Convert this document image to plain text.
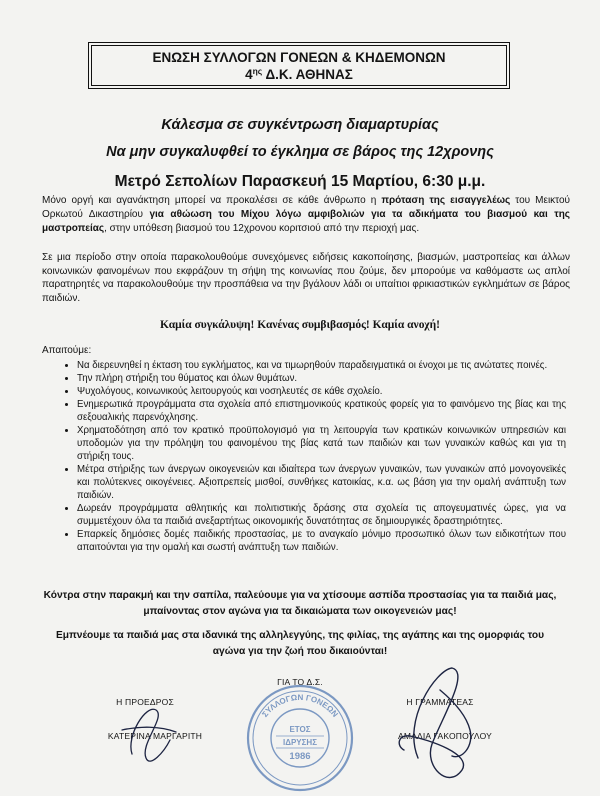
ΕΝΩΣΗ ΣΥΛΛΟΓΩΝ ΓΟΝΕΩΝ & ΚΗΔΕΜΟΝΩΝ
$4^{\eta\varsigma}$ Δ.Κ. ΑΘΗΝΑΣ
Κάλεσμα σε συγκέντρωση διαμαρτυρίας
Να μην συγκαλυφθεί το έγκλημα σε βάρος της 12χρονης
Μετρό Σεπολίων Παρασκευή 15 Μαρτίου, 6:30 μ.μ.
Μόνο οργή και αγανάκτηση μπορεί να προκαλέσει σε κάθε άνθρωπο η πρόταση της εισαγγελέως του Μεικτού Ορκωτού Δικαστηρίου για αθώωση του Μίχου λόγω αμφιβολιών για τα αδικήματα του βιασμού και της μαστροπείας, στην υπόθεση βιασμού του 12χρονου κοριτσιού από την περιοχή μας.
Σε μια περίοδο στην οποία παρακολουθούμε συνεχόμενες ειδήσεις κακοποίησης, βιασμών, μαστροπείας και άλλων κοινωνικών φαινομένων που εκφράζουν τη σήψη της κοινωνίας που ζούμε, δεν μπορούμε να καθόμαστε ως απλοί παρατηρητές να παρακολουθούμε την προσπάθεια να την βγάλουν λάδι οι υπαίτιοι φρικιαστικών εγκλημάτων σε βάρος παιδιών.
Καμία συγκάλυψη! Κανένας συμβιβασμός! Καμία ανοχή!
Απαιτούμε:
• Να διερευνηθεί η έκταση του εγκλήματος, και να τιμωρηθούν παραδειγματικά οι ένοχοι με τις ανώτατες ποινές.
• Την πλήρη στήριξη του θύματος και όλων θυμάτων.
• Ψυχολόγους, κοινωνικούς λειτουργούς και νοσηλευτές σε κάθε σχολείο.
• Ενημερωτικά προγράμματα στα σχολεία από επιστημονικούς κρατικούς φορείς για το φαινόμενο της βίας και της σεξουαλικής παρενόχλησης.
• Χρηματοδότηση από τον κρατικό προϋπολογισμό για τη λειτουργία των κρατικών κοινωνικών υπηρεσιών και υποδομών για την πρόληψη του φαινομένου της βίας κατά των παιδιών και των γυναικών καθώς και για τη στήριξη τους.
• Μέτρα στήριξης των άνεργων οικογενειών και ιδιαίτερα των άνεργων γυναικών, των γυναικών από μονογονεϊκές και πολύτεκνες οικογένειες. Αξιοπρεπείς μισθοί, συνθήκες κατοικίας, κ.α. ως βάση για την ομαλή ανάπτυξη των παιδιών.
• Δωρεάν προγράμματα αθλητικής και πολιτιστικής δράσης στα σχολεία τις απογευματινές ώρες, για να συμμετέχουν όλα τα παιδιά ανεξαρτήτως οικονομικής δυνατότητας σε δημιουργικές δραστηριότητες.
• Επαρκείς δημόσιες δομές παιδικής προστασίας, με το αναγκαίο μόνιμο προσωπικό όλων των ειδικοτήτων που απαιτούνται για την ομαλή και σωστή ανάπτυξη των παιδιών.
Κόντρα στην παρακμή και την σαπίλα, παλεύουμε για να χτίσουμε ασπίδα προστασίας για τα παιδιά μας, μπαίνοντας στον αγώνα για τα δικαιώματα των οικογενειών μας!
Εμπνέουμε τα παιδιά μας στα ιδανικά της αλληλεγγύης, της φιλίας, της αγάπης και της ομορφιάς του αγώνα για την ζωή που δικαιούνται!
ΓΙΑ ΤΟ Δ.Σ.
Η ΠΡΟΕΔΡΟΣ	Η ΓΡΑΜΜΑΤΕΑΣ
ΚΑΤΕΡΙΝΑ ΜΑΡΓΑΡΙΤΗ	ΑΜΑΛΙΑ ΓΑΚΟΠΟΥΛΟΥ
ΣΥΛΛΟΓΩΝ ΓΟΝΕΩΝ
ΕΤΟΣ
ΙΔΡΥΣΗΣ
1986
